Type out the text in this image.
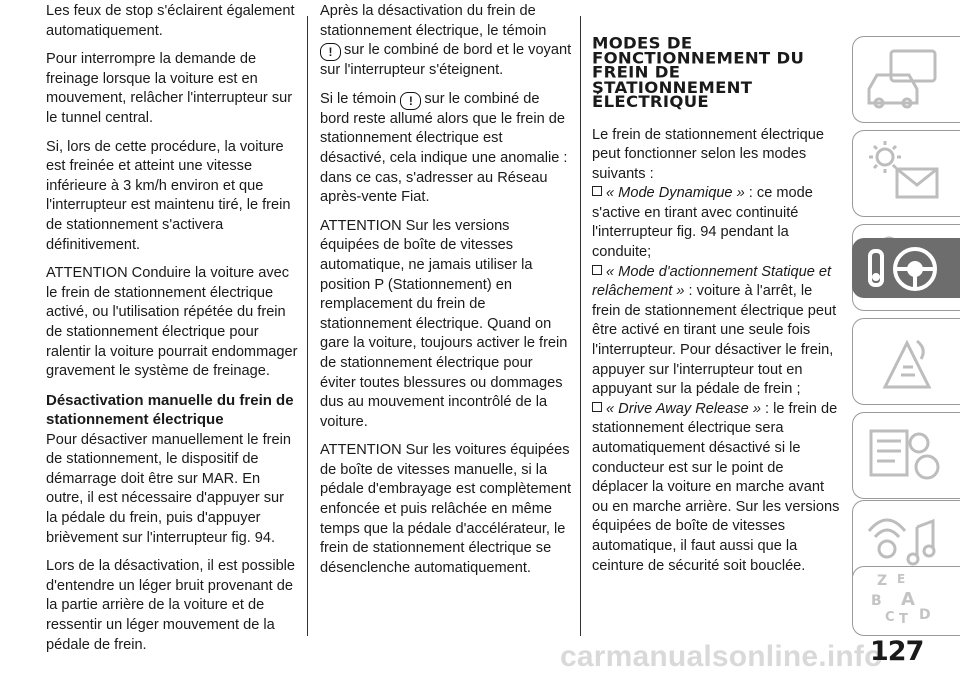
Les feux de stop s'éclairent également automatiquement.

Pour interrompre la demande de freinage lorsque la voiture est en mouvement, relâcher l'interrupteur sur le tunnel central.

Si, lors de cette procédure, la voiture est freinée et atteint une vitesse inférieure à 3 km/h environ et que l'interrupteur est maintenu tiré, le frein de stationnement s'activera définitivement.

ATTENTION Conduire la voiture avec le frein de stationnement électrique activé, ou l'utilisation répétée du frein de stationnement électrique pour ralentir la voiture pourrait endommager gravement le système de freinage.

Désactivation manuelle du frein de stationnement électrique

Pour désactiver manuellement le frein de stationnement, le dispositif de démarrage doit être sur MAR. En outre, il est nécessaire d'appuyer sur la pédale du frein, puis d'appuyer brièvement sur l'interrupteur fig. 94.

Lors de la désactivation, il est possible d'entendre un léger bruit provenant de la partie arrière de la voiture et de ressentir un léger mouvement de la pédale de frein.

Après la désactivation du frein de stationnement électrique, le témoin
! sur le combiné de bord et le voyant sur l'interrupteur s'éteignent.

Si le témoin ! sur le combiné de bord reste allumé alors que le frein de stationnement électrique est désactivé, cela indique une anomalie : dans ce cas, s'adresser au Réseau après-vente Fiat.

ATTENTION Sur les versions équipées de boîte de vitesses automatique, ne jamais utiliser la position P (Stationnement) en remplacement du frein de stationnement électrique. Quand on gare la voiture, toujours activer le frein de stationnement électrique pour éviter toutes blessures ou dommages dus au mouvement incontrôlé de la voiture.

ATTENTION Sur les voitures équipées de boîte de vitesses manuelle, si la pédale d'embrayage est complètement enfoncée et puis relâchée en même temps que la pédale d'accélérateur, le frein de stationnement électrique se désenclenche automatiquement.

MODES DE FONCTIONNEMENT DU FREIN DE STATIONNEMENT ÉLECTRIQUE

Le frein de stationnement électrique peut fonctionner selon les modes suivants :

« Mode Dynamique » : ce mode s'active en tirant avec continuité l'interrupteur fig. 94 pendant la conduite;
« Mode d'actionnement Statique et relâchement » : voiture à l'arrêt, le frein de stationnement électrique peut être activé en tirant une seule fois l'interrupteur. Pour désactiver le frein, appuyer sur l'interrupteur tout en appuyant sur la pédale de frein ;
« Drive Away Release » : le frein de stationnement électrique sera automatiquement désactivé si le conducteur est sur le point de déplacer la voiture en marche avant ou en marche arrière. Sur les versions équipées de boîte de vitesses automatique, il faut aussi que la ceinture de sécurité soit bouclée.
Z E
B A
C T D
carmanualsonline.info
127
